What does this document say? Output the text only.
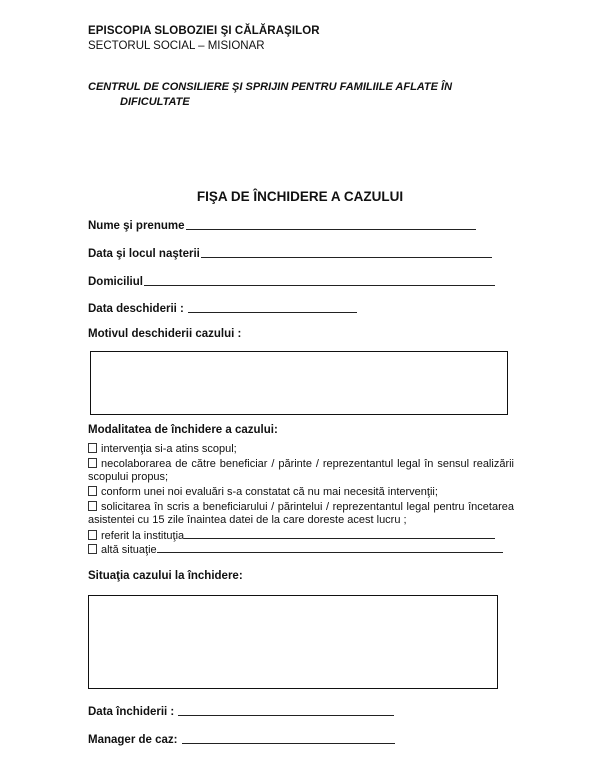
EPISCOPIA SLOBOZIEI ŞI CĂLĂRAŞILOR
SECTORUL SOCIAL – MISIONAR
CENTRUL DE CONSILIERE ŞI SPRIJIN PENTRU FAMILIILE AFLATE ÎN
DIFICULTATE
FIŞA DE ÎNCHIDERE A CAZULUI
Nume şi prenume
Data şi locul naşterii
Domiciliul
Data deschiderii :
Motivul deschiderii cazului :
Modalitatea de închidere a cazului:
intervenţia si-a atins scopul;
necolaborarea de către beneficiar / părinte / reprezentantul legal în sensul realizării scopului propus;
conform unei noi evaluări s-a constatat că nu mai necesită intervenţii;
solicitarea în scris a beneficiarului / părintelui / reprezentantul legal pentru încetarea asistentei cu 15 zile înaintea datei de la care doreste acest lucru ;
referit la instituţia
altă situaţie
Situaţia cazului la închidere:
Data închiderii :
Manager de caz:
